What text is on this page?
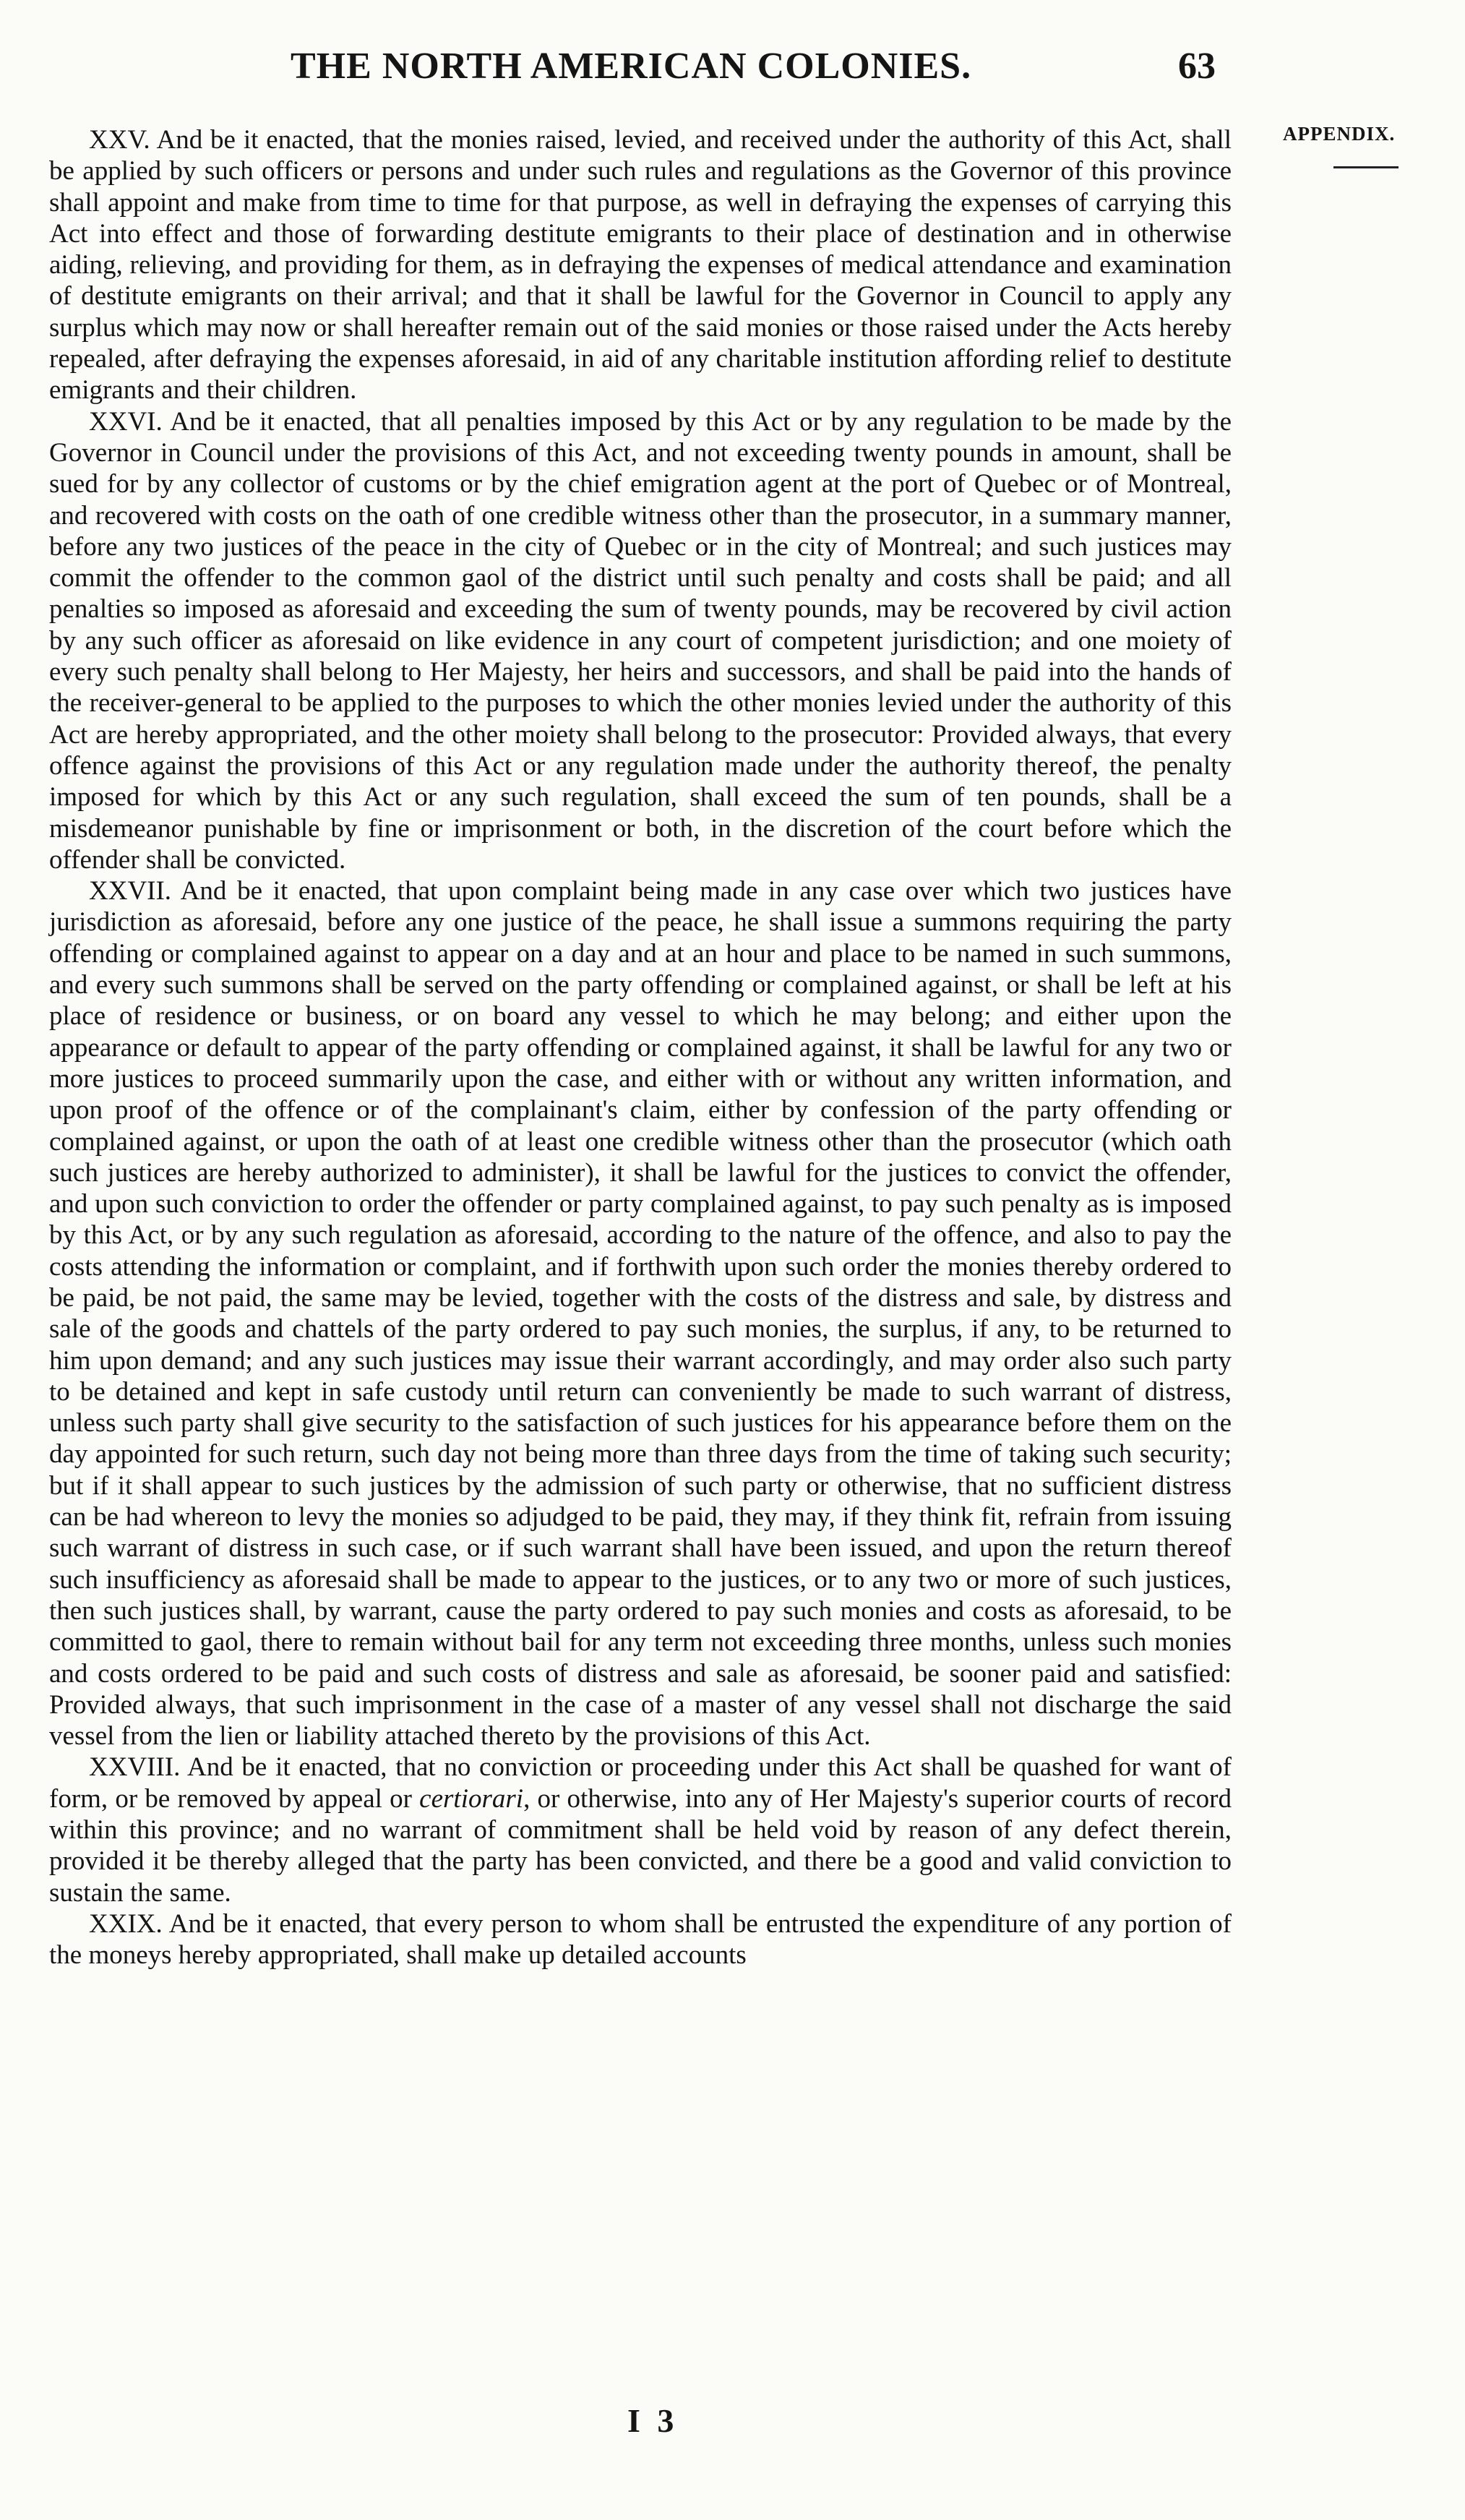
THE NORTH AMERICAN COLONIES.	63
APPENDIX.

XXV. And be it enacted, that the monies raised, levied, and received under the authority of this Act, shall be applied by such officers or persons and under such rules and regulations as the Governor of this province shall appoint and make from time to time for that purpose, as well in defraying the expenses of carrying this Act into effect and those of forwarding destitute emigrants to their place of destination and in otherwise aiding, relieving, and providing for them, as in defraying the expenses of medical attendance and examination of destitute emigrants on their arrival; and that it shall be lawful for the Governor in Council to apply any surplus which may now or shall hereafter remain out of the said monies or those raised under the Acts hereby repealed, after defraying the expenses aforesaid, in aid of any charitable institution affording relief to destitute emigrants and their children.

XXVI. And be it enacted, that all penalties imposed by this Act or by any regulation to be made by the Governor in Council under the provisions of this Act, and not exceeding twenty pounds in amount, shall be sued for by any collector of customs or by the chief emigration agent at the port of Quebec or of Montreal, and recovered with costs on the oath of one credible witness other than the prosecutor, in a summary manner, before any two justices of the peace in the city of Quebec or in the city of Montreal; and such justices may commit the offender to the common gaol of the district until such penalty and costs shall be paid; and all penalties so imposed as aforesaid and exceeding the sum of twenty pounds, may be recovered by civil action by any such officer as aforesaid on like evidence in any court of competent jurisdiction; and one moiety of every such penalty shall belong to Her Majesty, her heirs and successors, and shall be paid into the hands of the receiver-general to be applied to the purposes to which the other monies levied under the authority of this Act are hereby appropriated, and the other moiety shall belong to the prosecutor: Provided always, that every offence against the provisions of this Act or any regulation made under the authority thereof, the penalty imposed for which by this Act or any such regulation, shall exceed the sum of ten pounds, shall be a misdemeanor punishable by fine or imprisonment or both, in the discretion of the court before which the offender shall be convicted.

XXVII. And be it enacted, that upon complaint being made in any case over which two justices have jurisdiction as aforesaid, before any one justice of the peace, he shall issue a summons requiring the party offending or complained against to appear on a day and at an hour and place to be named in such summons, and every such summons shall be served on the party offending or complained against, or shall be left at his place of residence or business, or on board any vessel to which he may belong; and either upon the appearance or default to appear of the party offending or complained against, it shall be lawful for any two or more justices to proceed summarily upon the case, and either with or without any written information, and upon proof of the offence or of the complainant's claim, either by confession of the party offending or complained against, or upon the oath of at least one credible witness other than the prosecutor (which oath such justices are hereby authorized to administer), it shall be lawful for the justices to convict the offender, and upon such conviction to order the offender or party complained against, to pay such penalty as is imposed by this Act, or by any such regulation as aforesaid, according to the nature of the offence, and also to pay the costs attending the information or complaint, and if forthwith upon such order the monies thereby ordered to be paid, be not paid, the same may be levied, together with the costs of the distress and sale, by distress and sale of the goods and chattels of the party ordered to pay such monies, the surplus, if any, to be returned to him upon demand; and any such justices may issue their warrant accordingly, and may order also such party to be detained and kept in safe custody until return can conveniently be made to such warrant of distress, unless such party shall give security to the satisfaction of such justices for his appearance before them on the day appointed for such return, such day not being more than three days from the time of taking such security; but if it shall appear to such justices by the admission of such party or otherwise, that no sufficient distress can be had whereon to levy the monies so adjudged to be paid, they may, if they think fit, refrain from issuing such warrant of distress in such case, or if such warrant shall have been issued, and upon the return thereof such insufficiency as aforesaid shall be made to appear to the justices, or to any two or more of such justices, then such justices shall, by warrant, cause the party ordered to pay such monies and costs as aforesaid, to be committed to gaol, there to remain without bail for any term not exceeding three months, unless such monies and costs ordered to be paid and such costs of distress and sale as aforesaid, be sooner paid and satisfied: Provided always, that such imprisonment in the case of a master of any vessel shall not discharge the said vessel from the lien or liability attached thereto by the provisions of this Act.

XXVIII. And be it enacted, that no conviction or proceeding under this Act shall be quashed for want of form, or be removed by appeal or certiorari, or otherwise, into any of Her Majesty's superior courts of record within this province; and no warrant of commitment shall be held void by reason of any defect therein, provided it be thereby alleged that the party has been convicted, and there be a good and valid conviction to sustain the same.

XXIX. And be it enacted, that every person to whom shall be entrusted the expenditure of any portion of the moneys hereby appropriated, shall make up detailed accounts

I 3
